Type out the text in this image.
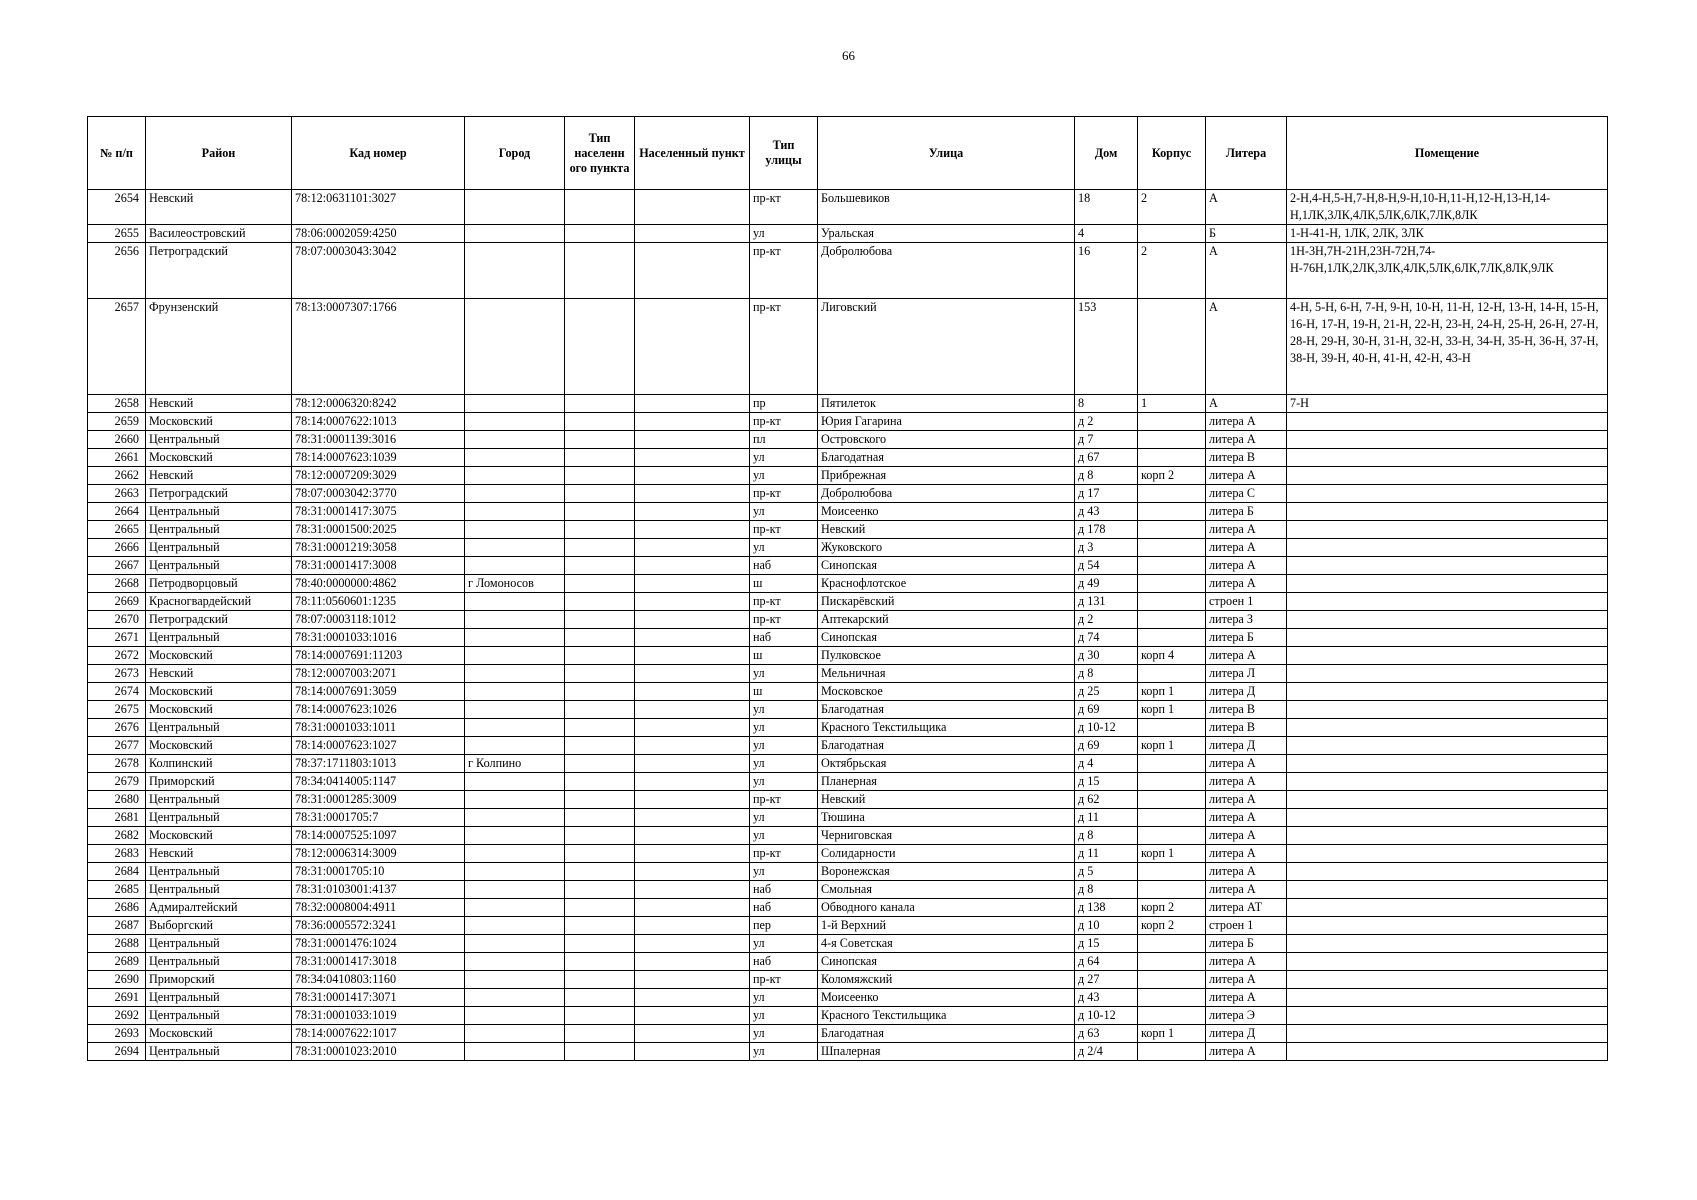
66
№ п/п	Район	Кад номер	Город	Тип населенн ого пункта	Населенный пункт	Тип улицы	Улица	Дом	Корпус	Литера	Помещение
2654	Невский	78:12:0631101:3027				пр-кт	Большевиков	18	2	А	2-Н,4-Н,5-Н,7-Н,8-Н,9-Н,10-Н,11-Н,12-Н,13-Н,14-Н,1ЛК,3ЛК,4ЛК,5ЛК,6ЛК,7ЛК,8ЛК
2655	Василеостровский	78:06:0002059:4250				ул	Уральская	4		Б	1-Н-41-Н, 1ЛК, 2ЛК, 3ЛК
2656	Петроградский	78:07:0003043:3042				пр-кт	Добролюбова	16	2	А	1Н-3Н,7Н-21Н,23Н-72Н,74-Н-76Н,1ЛК,2ЛК,3ЛК,4ЛК,5ЛК,6ЛК,7ЛК,8ЛК,9ЛК
2657	Фрунзенский	78:13:0007307:1766				пр-кт	Лиговский	153		А	4-Н, 5-Н, 6-Н, 7-Н, 9-Н, 10-Н, 11-Н, 12-Н, 13-Н, 14-Н, 15-Н, 16-Н, 17-Н, 19-Н, 21-Н, 22-Н, 23-Н, 24-Н, 25-Н, 26-Н, 27-Н, 28-Н, 29-Н, 30-Н, 31-Н, 32-Н, 33-Н, 34-Н, 35-Н, 36-Н, 37-Н, 38-Н, 39-Н, 40-Н, 41-Н, 42-Н, 43-Н
2658	Невский	78:12:0006320:8242				пр	Пятилеток	8	1	А	7-Н
2659	Московский	78:14:0007622:1013				пр-кт	Юрия Гагарина	д 2		литера А	
2660	Центральный	78:31:0001139:3016				пл	Островского	д 7		литера А	
2661	Московский	78:14:0007623:1039				ул	Благодатная	д 67		литера В	
2662	Невский	78:12:0007209:3029				ул	Прибрежная	д 8	корп 2	литера А	
2663	Петроградский	78:07:0003042:3770				пр-кт	Добролюбова	д 17		литера С	
2664	Центральный	78:31:0001417:3075				ул	Моисеенко	д 43		литера Б	
2665	Центральный	78:31:0001500:2025				пр-кт	Невский	д 178		литера А	
2666	Центральный	78:31:0001219:3058				ул	Жуковского	д 3		литера А	
2667	Центральный	78:31:0001417:3008				наб	Синопская	д 54		литера А	
2668	Петродворцовый	78:40:0000000:4862	г Ломоносов			ш	Краснофлотское	д 49		литера А	
2669	Красногвардейский	78:11:0560601:1235				пр-кт	Пискарёвский	д 131		строен 1	
2670	Петроградский	78:07:0003118:1012				пр-кт	Аптекарский	д 2		литера З	
2671	Центральный	78:31:0001033:1016				наб	Синопская	д 74		литера Б	
2672	Московский	78:14:0007691:11203				ш	Пулковское	д 30	корп 4	литера А	
2673	Невский	78:12:0007003:2071				ул	Мельничная	д 8		литера Л	
2674	Московский	78:14:0007691:3059				ш	Московское	д 25	корп 1	литера Д	
2675	Московский	78:14:0007623:1026				ул	Благодатная	д 69	корп 1	литера В	
2676	Центральный	78:31:0001033:1011				ул	Красного Текстильщика	д 10-12		литера В	
2677	Московский	78:14:0007623:1027				ул	Благодатная	д 69	корп 1	литера Д	
2678	Колпинский	78:37:1711803:1013	г Колпино			ул	Октябрьская	д 4		литера А	
2679	Приморский	78:34:0414005:1147				ул	Планерная	д 15		литера А	
2680	Центральный	78:31:0001285:3009				пр-кт	Невский	д 62		литера А	
2681	Центральный	78:31:0001705:7				ул	Тюшина	д 11		литера А	
2682	Московский	78:14:0007525:1097				ул	Черниговская	д 8		литера А	
2683	Невский	78:12:0006314:3009				пр-кт	Солидарности	д 11	корп 1	литера А	
2684	Центральный	78:31:0001705:10				ул	Воронежская	д 5		литера А	
2685	Центральный	78:31:0103001:4137				наб	Смольная	д 8		литера А	
2686	Адмиралтейский	78:32:0008004:4911				наб	Обводного канала	д 138	корп 2	литера АТ	
2687	Выборгский	78:36:0005572:3241				пер	1-й Верхний	д 10	корп 2	строен 1	
2688	Центральный	78:31:0001476:1024				ул	4-я Советская	д 15		литера Б	
2689	Центральный	78:31:0001417:3018				наб	Синопская	д 64		литера А	
2690	Приморский	78:34:0410803:1160				пр-кт	Коломяжский	д 27		литера А	
2691	Центральный	78:31:0001417:3071				ул	Моисеенко	д 43		литера А	
2692	Центральный	78:31:0001033:1019				ул	Красного Текстильщика	д 10-12		литера Э	
2693	Московский	78:14:0007622:1017				ул	Благодатная	д 63	корп 1	литера Д	
2694	Центральный	78:31:0001023:2010				ул	Шпалерная	д 2/4		литера А	
